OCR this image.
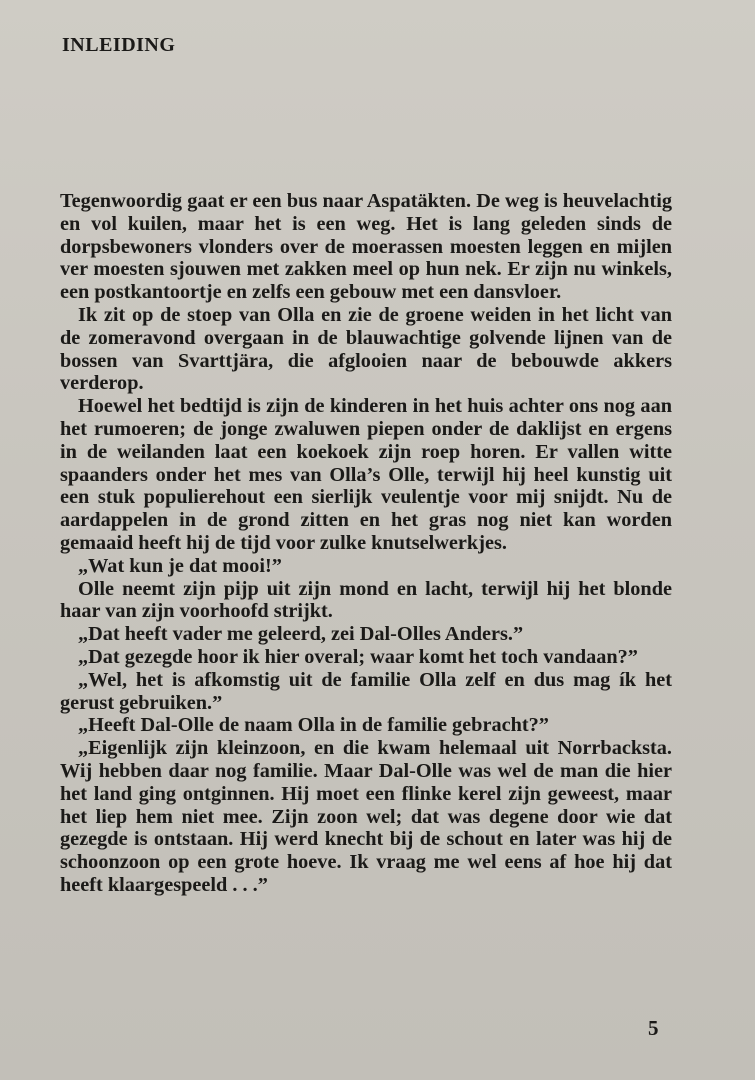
INLEIDING

Tegenwoordig gaat er een bus naar Aspatäkten. De weg is heuvelachtig en vol kuilen, maar het is een weg. Het is lang geleden sinds de dorpsbewoners vlonders over de moerassen moesten leggen en mijlen ver moesten sjouwen met zakken meel op hun nek. Er zijn nu winkels, een postkantoortje en zelfs een gebouw met een dansvloer.

Ik zit op de stoep van Olla en zie de groene weiden in het licht van de zomeravond overgaan in de blauwachtige golvende lijnen van de bossen van Svarttjära, die afglooien naar de bebouwde akkers verderop.

Hoewel het bedtijd is zijn de kinderen in het huis achter ons nog aan het rumoeren; de jonge zwaluwen piepen onder de daklijst en ergens in de weilanden laat een koekoek zijn roep horen. Er vallen witte spaanders onder het mes van Olla’s Olle, terwijl hij heel kunstig uit een stuk populierehout een sierlijk veulentje voor mij snijdt. Nu de aardappelen in de grond zitten en het gras nog niet kan worden gemaaid heeft hij de tijd voor zulke knutselwerkjes.

„Wat kun je dat mooi!”

Olle neemt zijn pijp uit zijn mond en lacht, terwijl hij het blonde haar van zijn voorhoofd strijkt.

„Dat heeft vader me geleerd, zei Dal-Olles Anders.”

„Dat gezegde hoor ik hier overal; waar komt het toch vandaan?”

„Wel, het is afkomstig uit de familie Olla zelf en dus mag ík het gerust gebruiken.”

„Heeft Dal-Olle de naam Olla in de familie gebracht?”

„Eigenlijk zijn kleinzoon, en die kwam helemaal uit Norrbacksta. Wij hebben daar nog familie. Maar Dal-Olle was wel de man die hier het land ging ontginnen. Hij moet een flinke kerel zijn geweest, maar het liep hem niet mee. Zijn zoon wel; dat was degene door wie dat gezegde is ontstaan. Hij werd knecht bij de schout en later was hij de schoonzoon op een grote hoeve. Ik vraag me wel eens af hoe hij dat heeft klaargespeeld . . .”

5
